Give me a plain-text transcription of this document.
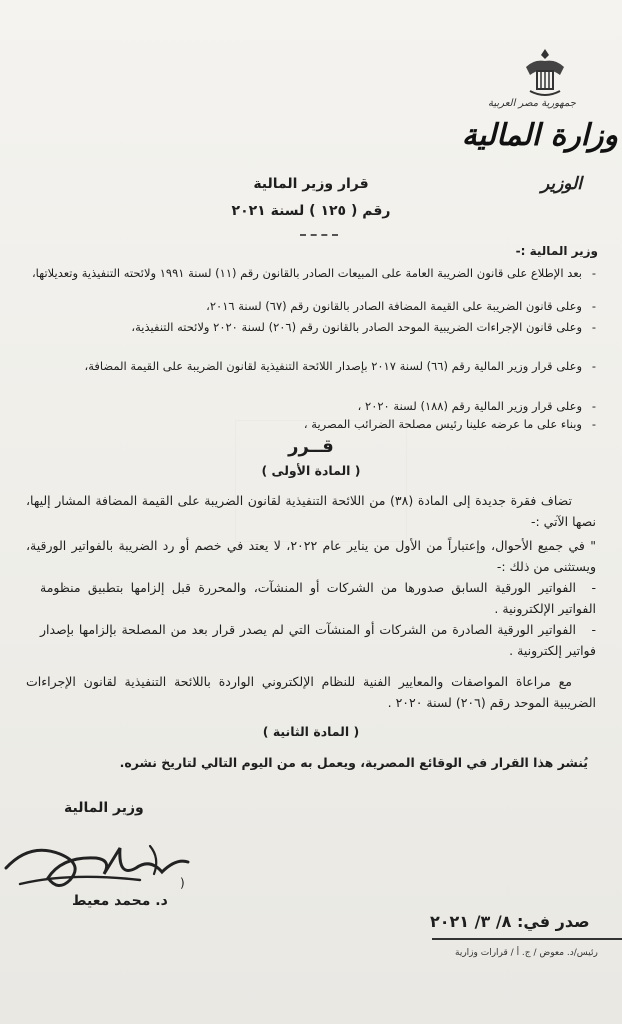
جمهورية مصر العربية
وزارة المالية
الوزير
قرار وزير المالية
رقم ( ١٢٥ ) لسنة ٢٠٢١
وزير المالية :-
-بعد الإطلاع على قانون الضريبة العامة على المبيعات الصادر بالقانون رقم (١١) لسنة ١٩٩١ ولائحته التنفيذية وتعديلاتها،
-وعلى قانون الضريبة على القيمة المضافة الصادر بالقانون رقم (٦٧) لسنة ٢٠١٦،
-وعلى قانون الإجراءات الضريبية الموحد الصادر بالقانون رقم (٢٠٦) لسنة ٢٠٢٠ ولائحته التنفيذية،
-وعلى قرار وزير المالية رقم (٦٦) لسنة ٢٠١٧ بإصدار اللائحة التنفيذية لقانون الضريبة على القيمة المضافة،
-وعلى قرار وزير المالية رقم (١٨٨) لسنة ٢٠٢٠ ،
-وبناء على ما عرضه علينا رئيس مصلحة الضرائب المصرية ،
قــرر
( المادة الأولى )
تضاف فقرة جديدة إلى المادة (٣٨) من اللائحة التنفيذية لقانون الضريبة على القيمة المضافة المشار إليها، نصها الآتي :-
" في جميع الأحوال، وإعتباراً من الأول من يناير عام ٢٠٢٢، لا يعتد في خصم أو رد الضريبة بالفواتير الورقية، ويستثنى من ذلك :-
-الفواتير الورقية السابق صدورها من الشركات أو المنشآت، والمحررة قبل إلزامها بتطبيق منظومة الفواتير الإلكترونية .
-الفواتير الورقية الصادرة من الشركات أو المنشآت التي لم يصدر قرار بعد من المصلحة بإلزامها بإصدار فواتير إلكترونية .
مع مراعاة المواصفات والمعايير الفنية للنظام الإلكتروني الواردة باللائحة التنفيذية لقانون الإجراءات الضريبية الموحد رقم (٢٠٦) لسنة ٢٠٢٠ .
( المادة الثانية )
يُنشر هذا القرار في الوقائع المصرية، ويعمل به من اليوم التالي لتاريخ نشره.
وزير المالية
(
د. محمد معيط
صدر في: ٨/ ٣/ ٢٠٢١
رئيس/د. معوض / ج. أ / قرارات وزارية
